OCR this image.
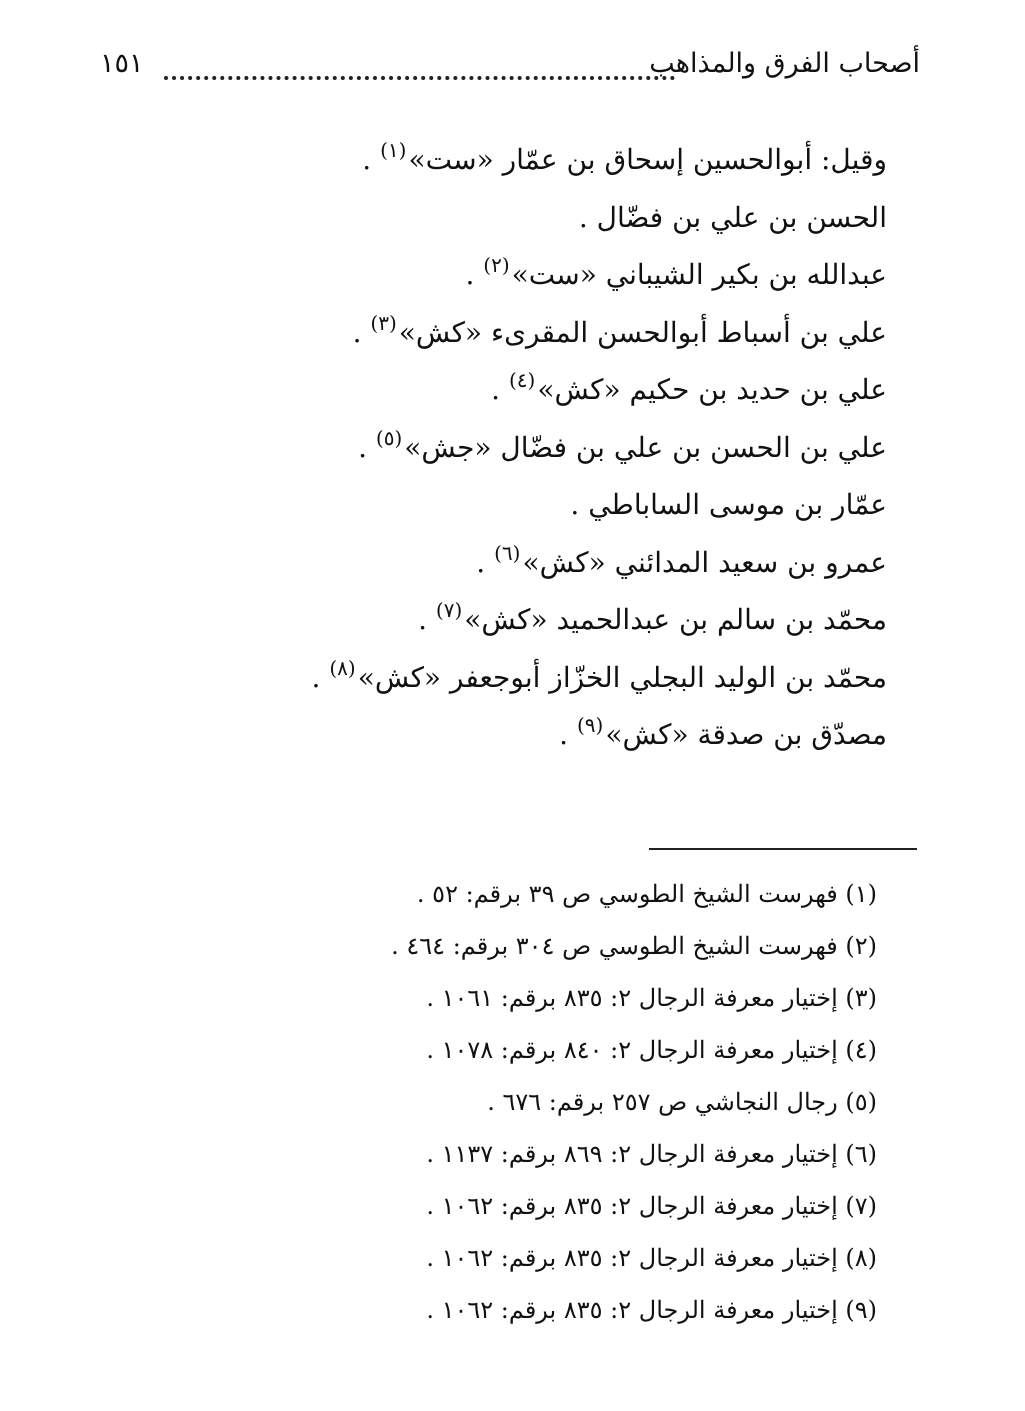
أصحاب الفرق والمذاهب
١٥١
وقيل: أبوالحسين إسحاق بن عمّار «ست»$^{(١)}$ .
الحسن بن علي بن فضّال .
عبدالله بن بكير الشيباني «ست»$^{(٢)}$ .
علي بن أسباط أبوالحسن المقرىء «كش»$^{(٣)}$ .
علي بن حديد بن حكيم «كش»$^{(٤)}$ .
علي بن الحسن بن علي بن فضّال «جش»$^{(٥)}$ .
عمّار بن موسى الساباطي .
عمرو بن سعيد المدائني «كش»$^{(٦)}$ .
محمّد بن سالم بن عبدالحميد «كش»$^{(٧)}$ .
محمّد بن الوليد البجلي الخزّاز أبوجعفر «كش»$^{(٨)}$ .
مصدّق بن صدقة «كش»$^{(٩)}$ .
(١) فهرست الشيخ الطوسي ص ٣٩ برقم: ٥٢ .
(٢) فهرست الشيخ الطوسي ص ٣٠٤ برقم: ٤٦٤ .
(٣) إختيار معرفة الرجال ٢: ٨٣٥ برقم: ١٠٦١ .
(٤) إختيار معرفة الرجال ٢: ٨٤٠ برقم: ١٠٧٨ .
(٥) رجال النجاشي ص ٢٥٧ برقم: ٦٧٦ .
(٦) إختيار معرفة الرجال ٢: ٨٦٩ برقم: ١١٣٧ .
(٧) إختيار معرفة الرجال ٢: ٨٣٥ برقم: ١٠٦٢ .
(٨) إختيار معرفة الرجال ٢: ٨٣٥ برقم: ١٠٦٢ .
(٩) إختيار معرفة الرجال ٢: ٨٣٥ برقم: ١٠٦٢ .
